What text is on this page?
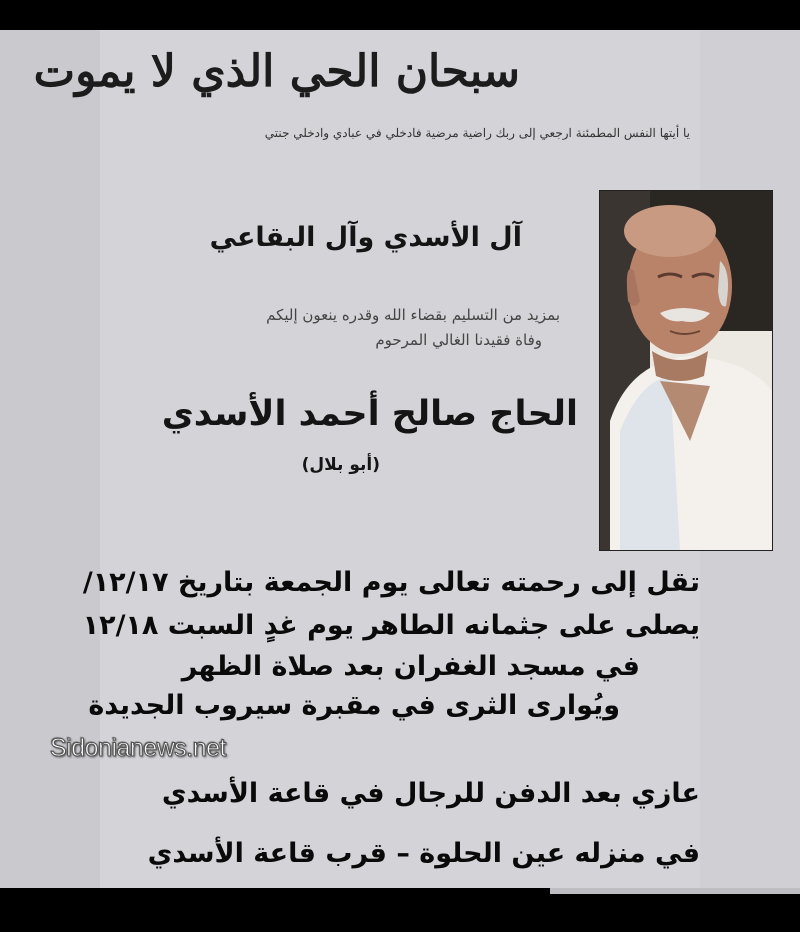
سبحان الحي الذي لا يموت
يا أيتها النفس المطمئنة ارجعي إلى ربك راضية مرضية فادخلي في عبادي وادخلي جنتي
آل الأسدي وآل البقاعي
بمزيد من التسليم بقضاء الله وقدره ينعون إليكم
وفاة فقيدنا الغالي المرحوم
الحاج صالح أحمد الأسدي
(أبو بلال)
تقل إلى رحمته تعالى يوم الجمعة بتاريخ ١٢/١٧/
يصلى على جثمانه الطاهر يوم غدٍ السبت ١٢/١٨
في مسجد الغفران بعد صلاة الظهر
ويُوارى الثرى في مقبرة سيروب الجديدة
Sidonianews.net
عازي بعد الدفن للرجال في قاعة الأسدي
في منزله عين الحلوة – قرب قاعة الأسدي
